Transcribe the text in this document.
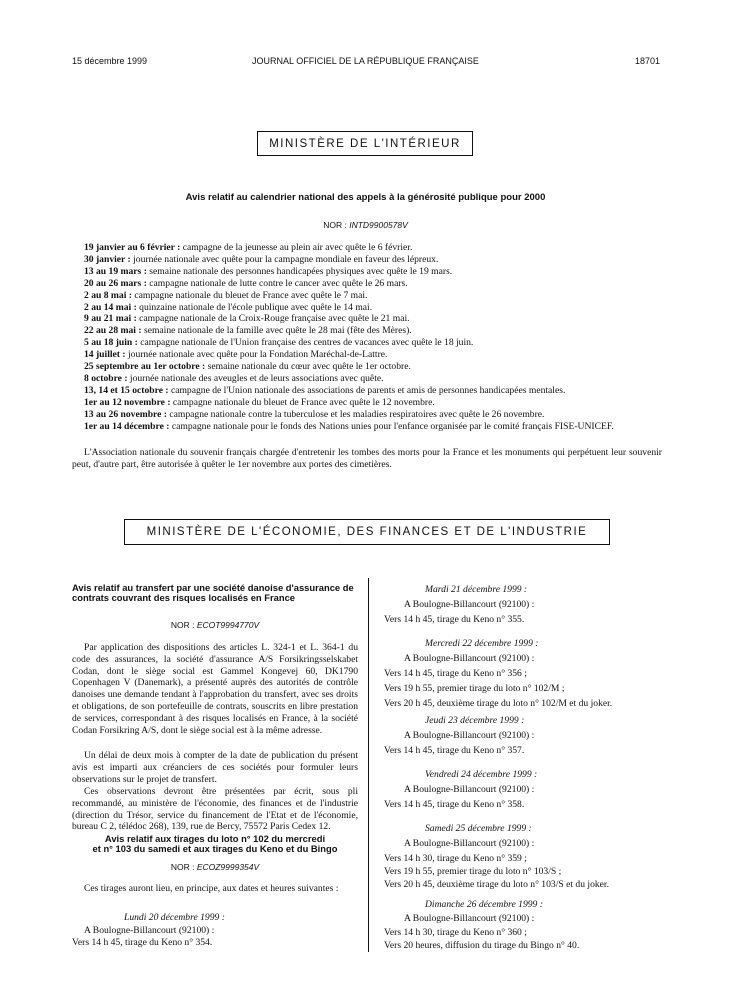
15 décembre 1999	JOURNAL OFFICIEL DE LA RÉPUBLIQUE FRANÇAISE	18701
MINISTÈRE DE L'INTÉRIEUR
Avis relatif au calendrier national des appels à la générosité publique pour 2000
NOR : INTD9900578V
19 janvier au 6 février : campagne de la jeunesse au plein air avec quête le 6 février.
30 janvier : journée nationale avec quête pour la campagne mondiale en faveur des lépreux.
13 au 19 mars : semaine nationale des personnes handicapées physiques avec quête le 19 mars.
20 au 26 mars : campagne nationale de lutte contre le cancer avec quête le 26 mars.
2 au 8 mai : campagne nationale du bleuet de France avec quête le 7 mai.
2 au 14 mai : quinzaine nationale de l'école publique avec quête le 14 mai.
9 au 21 mai : campagne nationale de la Croix-Rouge française avec quête le 21 mai.
22 au 28 mai : semaine nationale de la famille avec quête le 28 mai (fête des Mères).
5 au 18 juin : campagne nationale de l'Union française des centres de vacances avec quête le 18 juin.
14 juillet : journée nationale avec quête pour la Fondation Maréchal-de-Lattre.
25 septembre au 1er octobre : semaine nationale du cœur avec quête le 1er octobre.
8 octobre : journée nationale des aveugles et de leurs associations avec quête.
13, 14 et 15 octobre : campagne de l'Union nationale des associations de parents et amis de personnes handicapées mentales.
1er au 12 novembre : campagne nationale du bleuet de France avec quête le 12 novembre.
13 au 26 novembre : campagne nationale contre la tuberculose et les maladies respiratoires avec quête le 26 novembre.
1er au 14 décembre : campagne nationale pour le fonds des Nations unies pour l'enfance organisée par le comité français FISE-UNICEF.
L'Association nationale du souvenir français chargée d'entretenir les tombes des morts pour la France et les monuments qui perpétuent leur souvenir peut, d'autre part, être autorisée à quêter le 1er novembre aux portes des cimetières.
MINISTÈRE DE L'ÉCONOMIE, DES FINANCES ET DE L'INDUSTRIE
Avis relatif au transfert par une société danoise d'assurance de contrats couvrant des risques localisés en France
NOR : ECOT9994770V
Par application des dispositions des articles L. 324-1 et L. 364-1 du code des assurances, la société d'assurance A/S Forsikringsselskabet Codan, dont le siège social est Gammel Kongevej 60, DK1790 Copenhagen V (Danemark), a présenté auprès des autorités de contrôle danoises une demande tendant à l'approbation du transfert, avec ses droits et obligations, de son portefeuille de contrats, souscrits en libre prestation de services, correspondant à des risques localisés en France, à la société Codan Forsikring A/S, dont le siège social est à la même adresse.
Un délai de deux mois à compter de la date de publication du présent avis est imparti aux créanciers de ces sociétés pour formuler leurs observations sur le projet de transfert.
Ces observations devront être présentées par écrit, sous pli recommandé, au ministère de l'économie, des finances et de l'industrie (direction du Trésor, service du financement de l'Etat et de l'économie, bureau C 2, télédoc 268), 139, rue de Bercy, 75572 Paris Cedex 12.
Avis relatif aux tirages du loto n° 102 du mercredi
et n° 103 du samedi et aux tirages du Keno et du Bingo
NOR : ECOZ9999354V
Ces tirages auront lieu, en principe, aux dates et heures suivantes :
Lundi 20 décembre 1999 :
A Boulogne-Billancourt (92100) :
Vers 14 h 45, tirage du Keno n° 354.
Mardi 21 décembre 1999 :
A Boulogne-Billancourt (92100) :
Vers 14 h 45, tirage du Keno n° 355.
Mercredi 22 décembre 1999 :
A Boulogne-Billancourt (92100) :
Vers 14 h 45, tirage du Keno n° 356 ;
Vers 19 h 55, premier tirage du loto n° 102/M ;
Vers 20 h 45, deuxième tirage du loto n° 102/M et du joker.
Jeudi 23 décembre 1999 :
A Boulogne-Billancourt (92100) :
Vers 14 h 45, tirage du Keno n° 357.
Vendredi 24 décembre 1999 :
A Boulogne-Billancourt (92100) :
Vers 14 h 45, tirage du Keno n° 358.
Samedi 25 décembre 1999 :
A Boulogne-Billancourt (92100) :
Vers 14 h 30, tirage du Keno n° 359 ;
Vers 19 h 55, premier tirage du loto n° 103/S ;
Vers 20 h 45, deuxième tirage du loto n° 103/S et du joker.
Dimanche 26 décembre 1999 :
A Boulogne-Billancourt (92100) :
Vers 14 h 30, tirage du Keno n° 360 ;
Vers 20 heures, diffusion du tirage du Bingo n° 40.
